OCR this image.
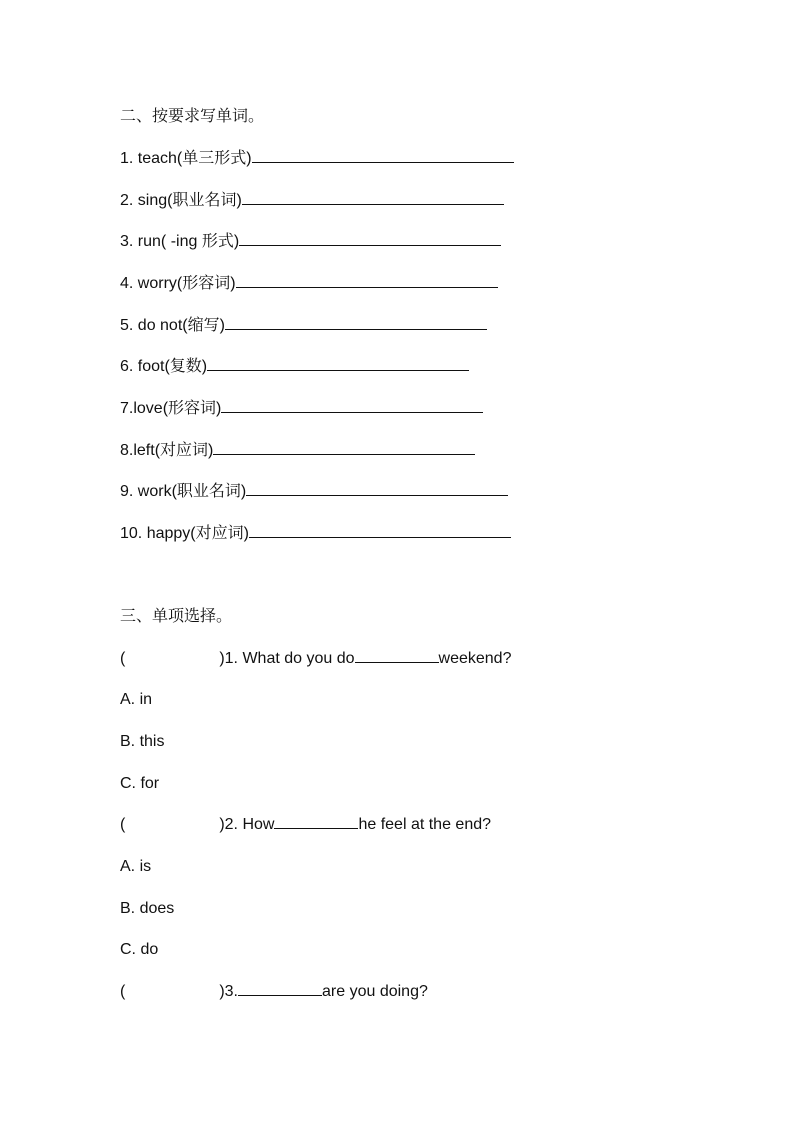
二、按要求写单词。
1. teach(单三形式)
2. sing(职业名词)
3. run( -ing 形式)
4. worry(形容词)
5. do not(缩写)
6. foot(复数)
7.love(形容词)
8.left(对应词)
9. work(职业名词)
10. happy(对应词)
三、单项选择。
(	)1. What do you do	weekend?
A. in
B. this
C. for
(	)2. How	he feel at the end?
A. is
B. does
C. do
(	)3.	are you doing?
